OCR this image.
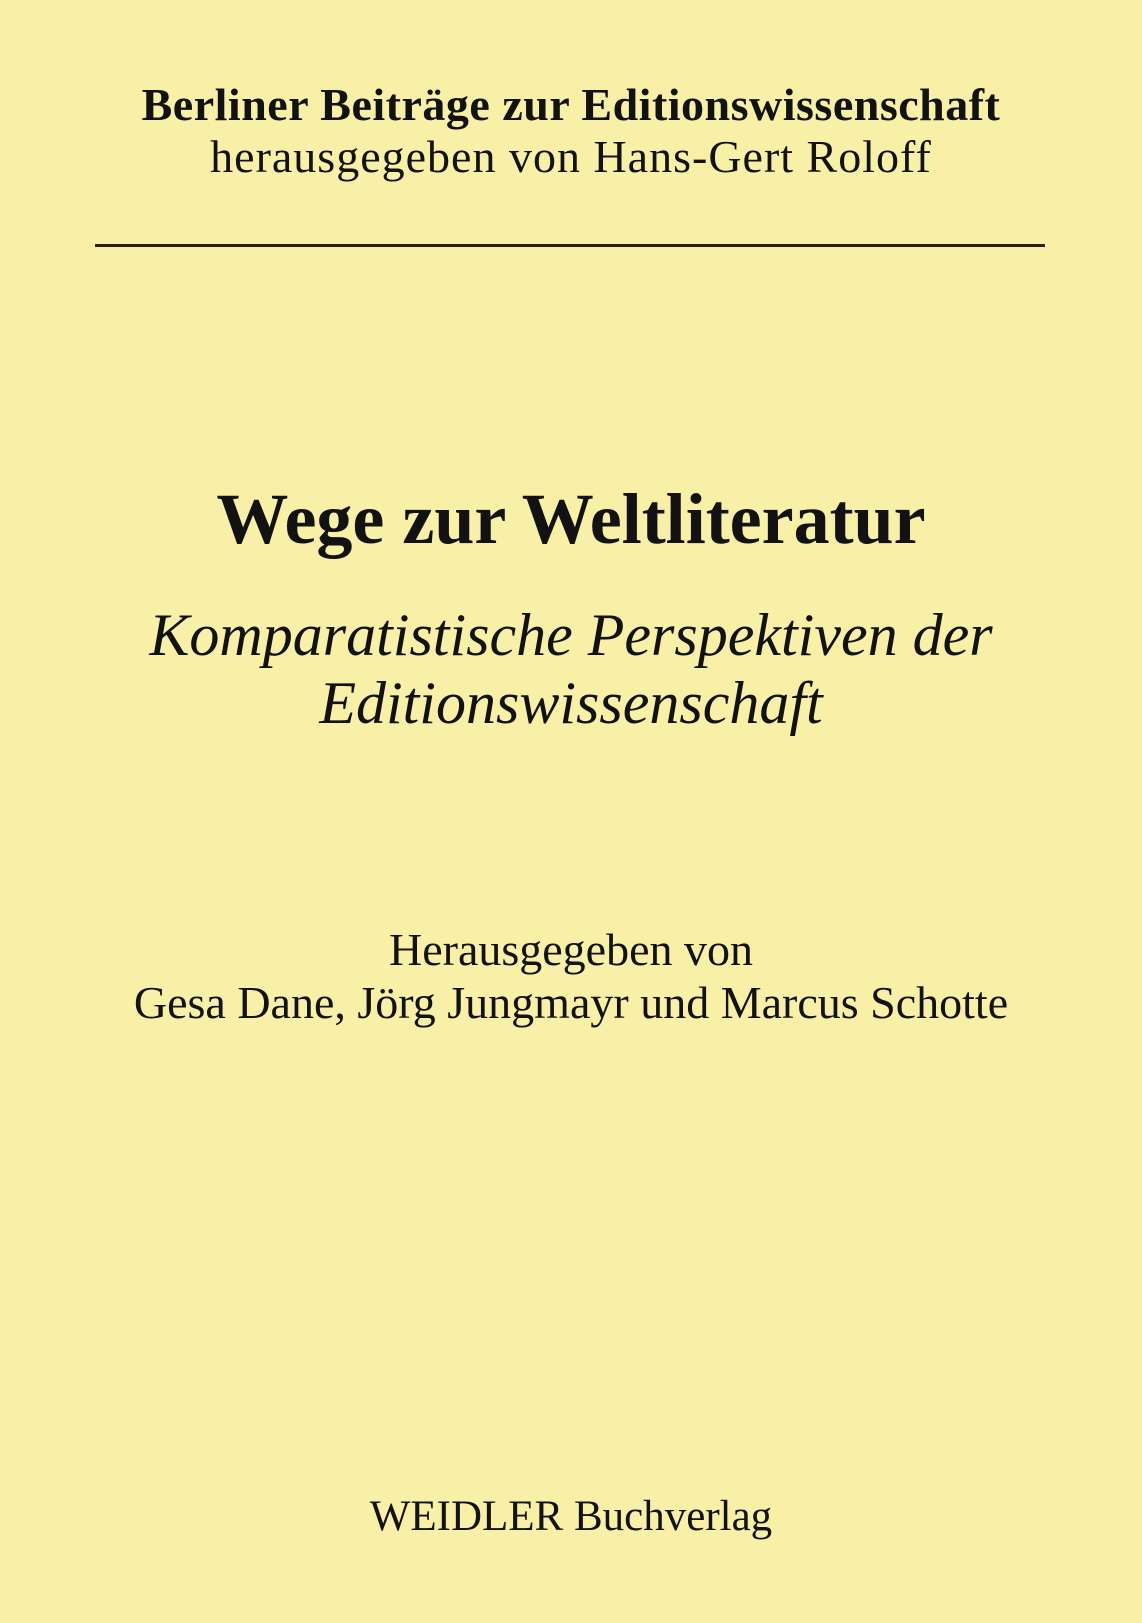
Berliner Beiträge zur Editionswissenschaft
herausgegeben von Hans-Gert Roloff
Wege zur Weltliteratur
Komparatistische Perspektiven der
Editionswissenschaft
Herausgegeben von
Gesa Dane, Jörg Jungmayr und Marcus Schotte
WEIDLER Buchverlag
